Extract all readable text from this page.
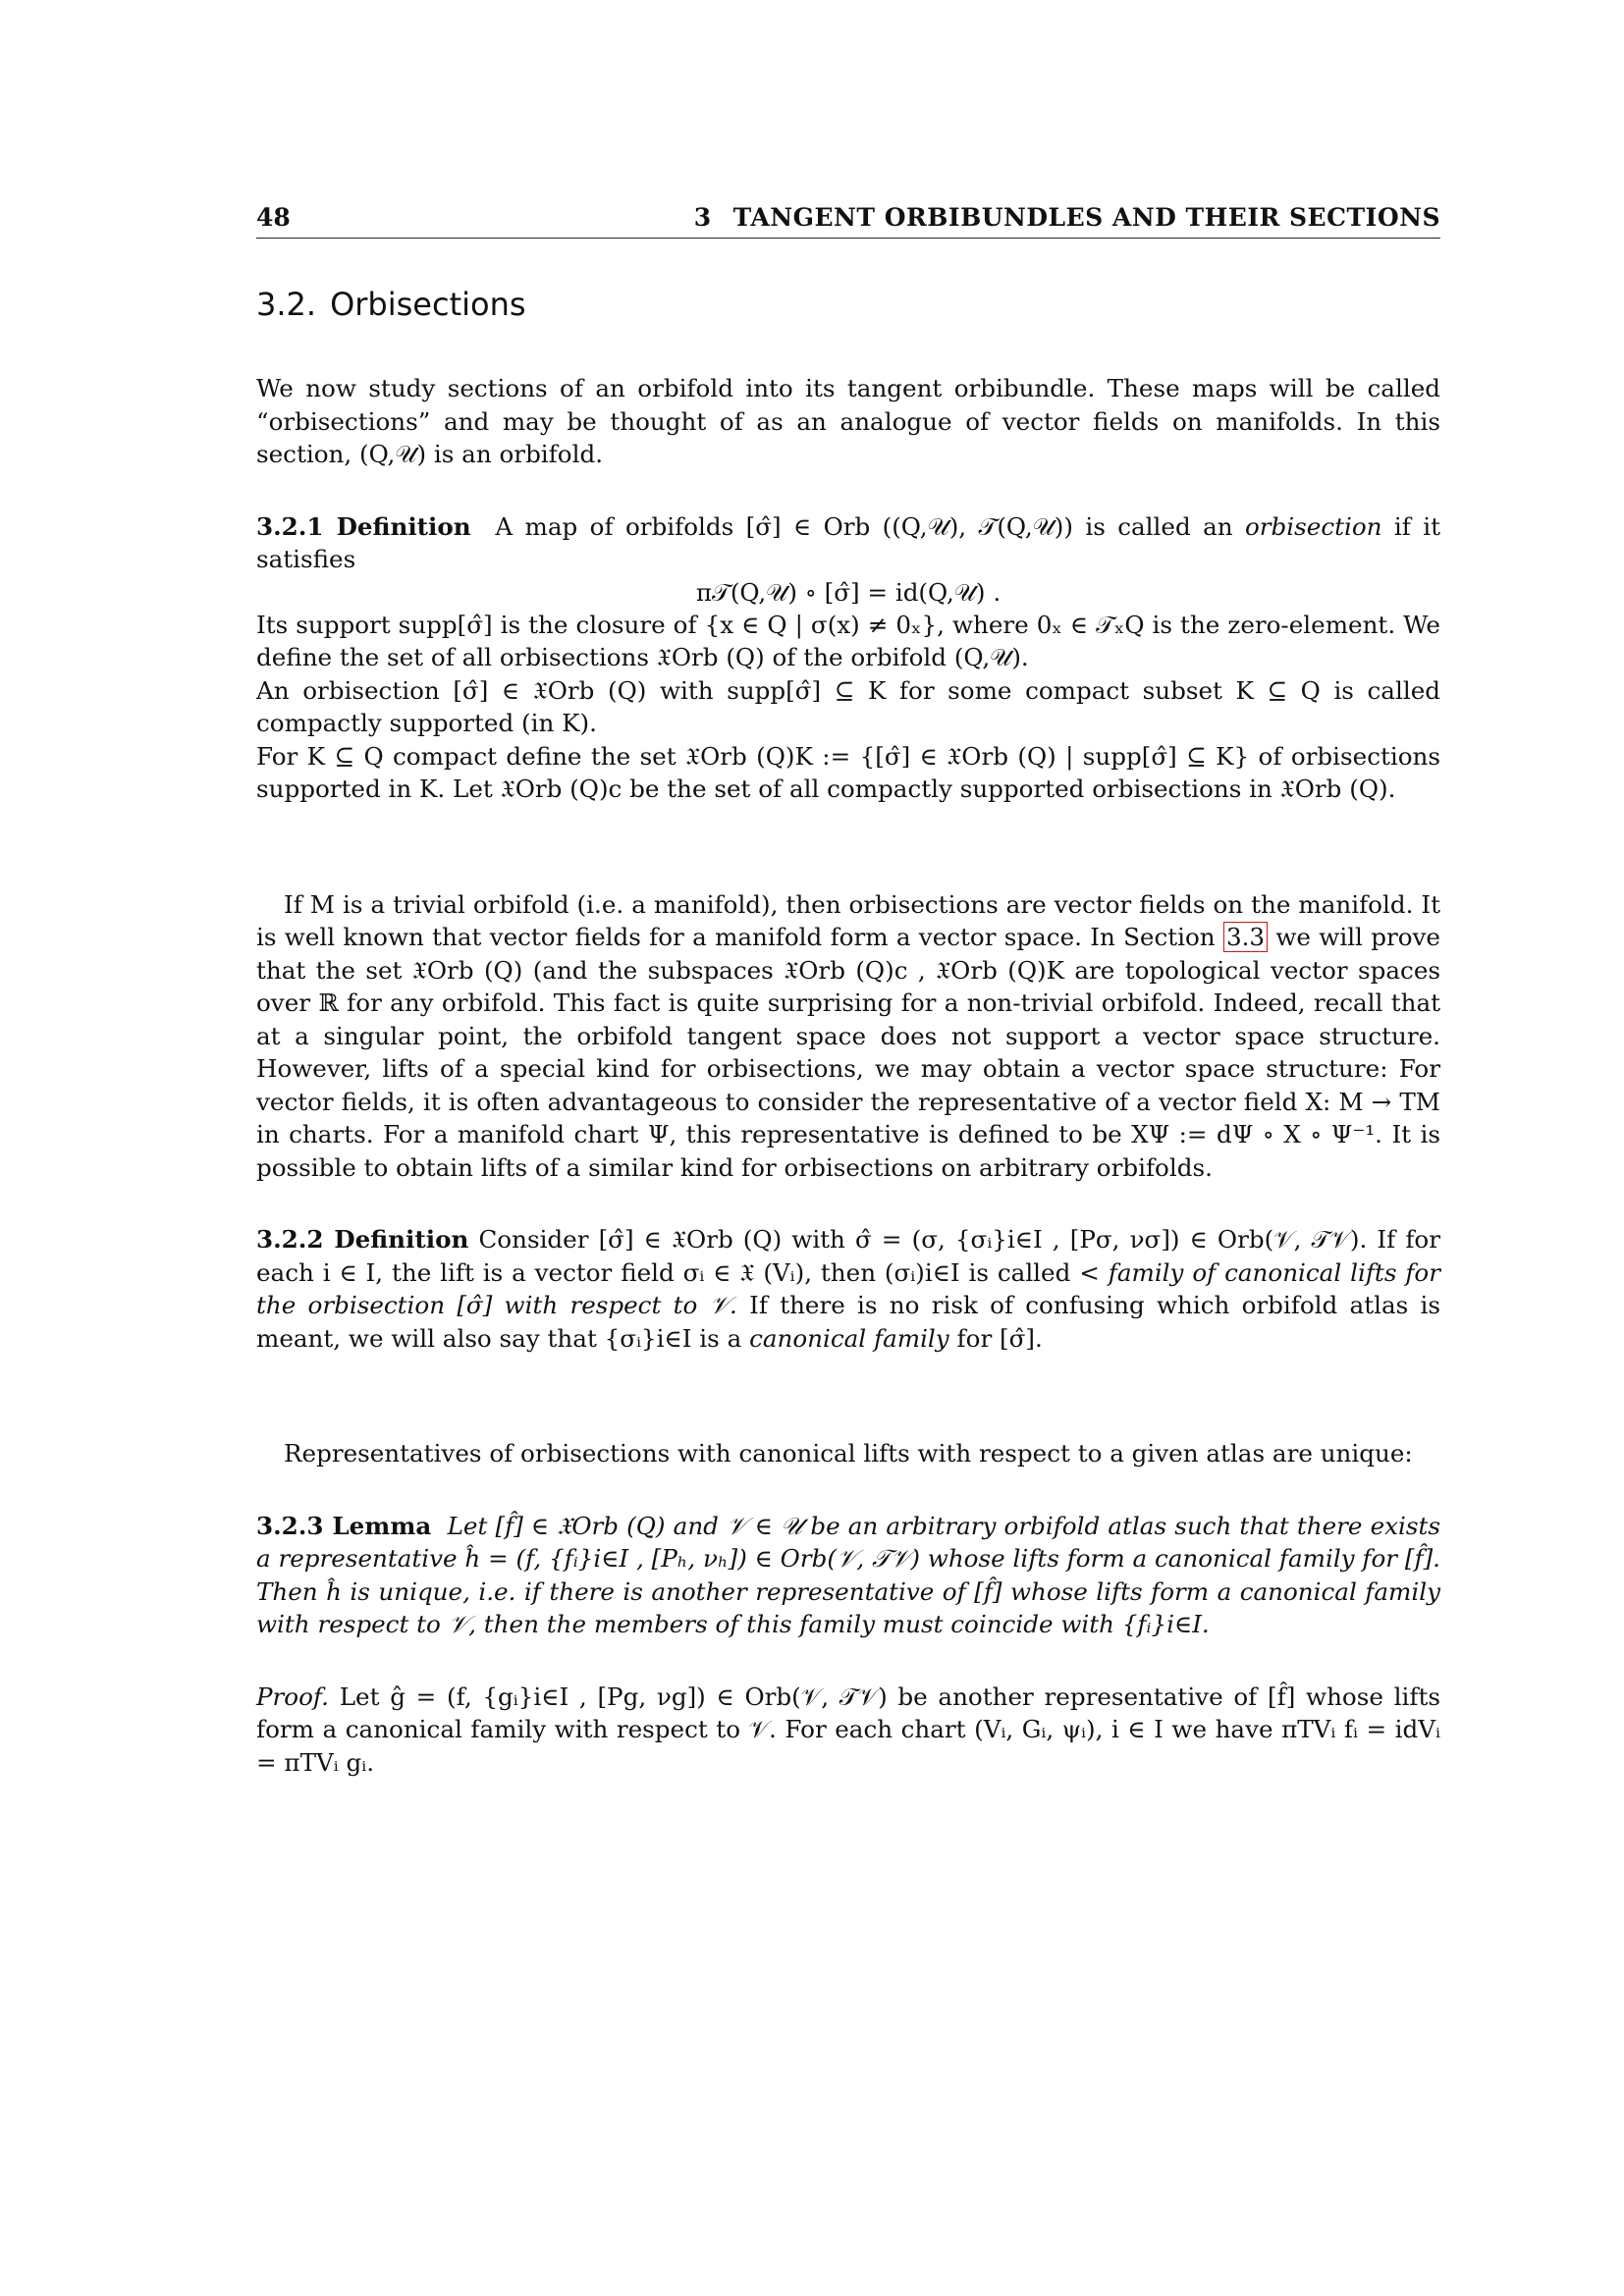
48	3 TANGENT ORBIBUNDLES AND THEIR SECTIONS
3.2. Orbisections

We now study sections of an orbifold into its tangent orbibundle. These maps will be called “orbisections” and may be thought of as an analogue of vector fields on manifolds. In this section, (Q,𝒰) is an orbifold.

3.2.1 Definition A map of orbifolds [σ̂] ∈ Orb ((Q,𝒰), 𝒯(Q,𝒰)) is called an orbisection if it satisfies

π𝒯(Q,𝒰) ∘ [σ̂] = id(Q,𝒰) .

Its support supp[σ̂] is the closure of {x ∈ Q | σ(x) ≠ 0ₓ}, where 0ₓ ∈ 𝒯ₓQ is the zero-element. We define the set of all orbisections 𝔛Orb (Q) of the orbifold (Q,𝒰).

An orbisection [σ̂] ∈ 𝔛Orb (Q) with supp[σ̂] ⊆ K for some compact subset K ⊆ Q is called compactly supported (in K).

For K ⊆ Q compact define the set 𝔛Orb (Q)K := {[σ̂] ∈ 𝔛Orb (Q) | supp[σ̂] ⊆ K} of orbisections supported in K. Let 𝔛Orb (Q)c be the set of all compactly supported orbisections in 𝔛Orb (Q).

If M is a trivial orbifold (i.e. a manifold), then orbisections are vector fields on the manifold. It is well known that vector fields for a manifold form a vector space. In Section 3.3 we will prove that the set 𝔛Orb (Q) (and the subspaces 𝔛Orb (Q)c , 𝔛Orb (Q)K are topological vector spaces over ℝ for any orbifold. This fact is quite surprising for a non-trivial orbifold. Indeed, recall that at a singular point, the orbifold tangent space does not support a vector space structure. However, lifts of a special kind for orbisections, we may obtain a vector space structure: For vector fields, it is often advantageous to consider the representative of a vector field X: M → TM in charts. For a manifold chart Ψ, this representative is defined to be XΨ := dΨ ∘ X ∘ Ψ⁻¹. It is possible to obtain lifts of a similar kind for orbisections on arbitrary orbifolds.

3.2.2 Definition Consider [σ̂] ∈ 𝔛Orb (Q) with σ̂ = (σ, {σᵢ}i∈I , [Pσ, νσ]) ∈ Orb(𝒱, 𝒯𝒱). If for each i ∈ I, the lift is a vector field σᵢ ∈ 𝔛 (Vᵢ), then (σᵢ)i∈I is called < family of canonical lifts for the orbisection [σ̂] with respect to 𝒱. If there is no risk of confusing which orbifold atlas is meant, we will also say that {σᵢ}i∈I is a canonical family for [σ̂].

Representatives of orbisections with canonical lifts with respect to a given atlas are unique:

3.2.3 Lemma Let [f̂] ∈ 𝔛Orb (Q) and 𝒱 ∈ 𝒰 be an arbitrary orbifold atlas such that there exists a representative ĥ = (f, {fᵢ}i∈I , [Pₕ, νₕ]) ∈ Orb(𝒱, 𝒯𝒱) whose lifts form a canonical family for [f̂]. Then ĥ is unique, i.e. if there is another representative of [f̂] whose lifts form a canonical family with respect to 𝒱, then the members of this family must coincide with {fᵢ}i∈I.

Proof. Let ĝ = (f, {gᵢ}i∈I , [Pg, νg]) ∈ Orb(𝒱, 𝒯𝒱) be another representative of [f̂] whose lifts form a canonical family with respect to 𝒱. For each chart (Vᵢ, Gᵢ, ψᵢ), i ∈ I we have πTVᵢ fᵢ = idVᵢ = πTVᵢ gᵢ.
